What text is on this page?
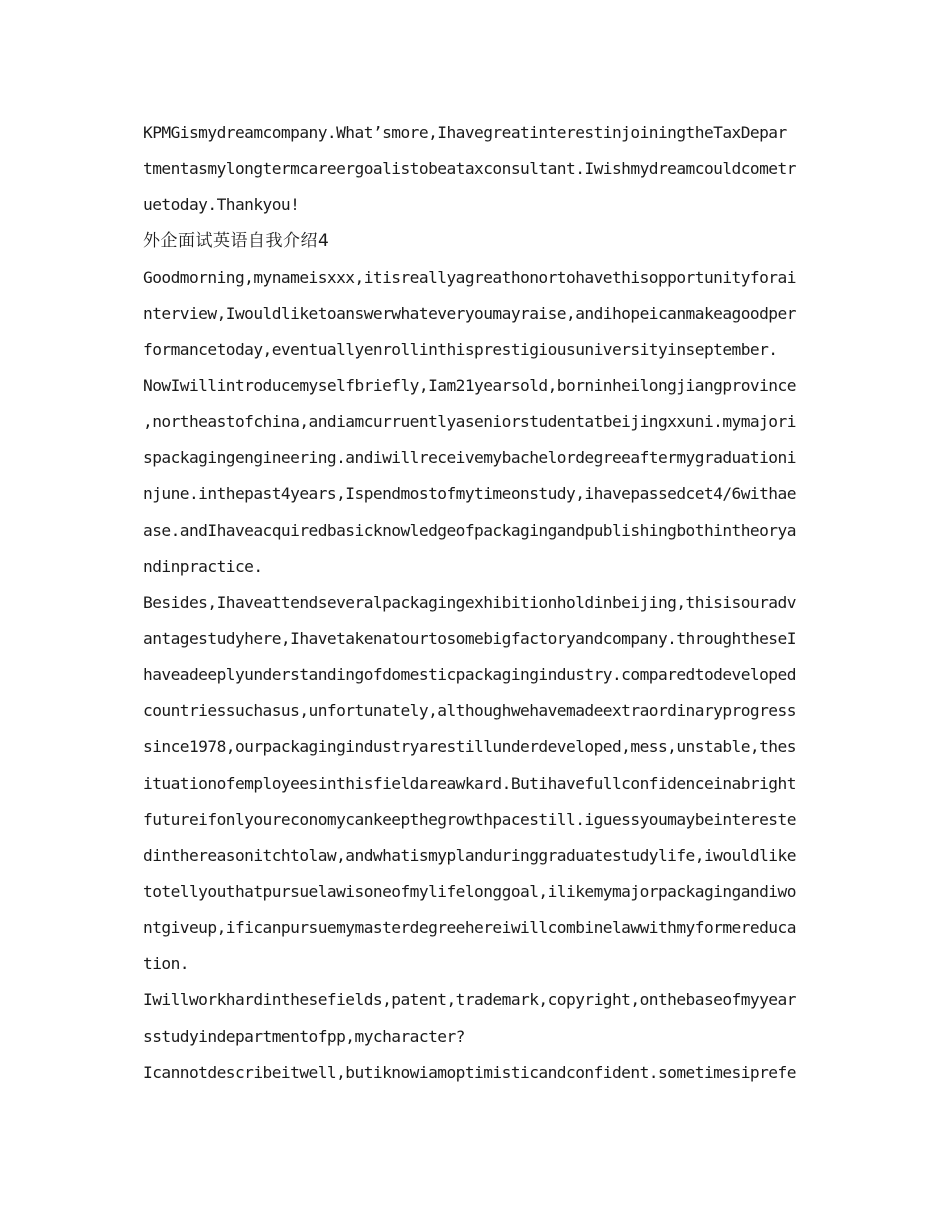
KPMGismydreamcompany.What’smore,IhavegreatinterestinjoiningtheTaxDepar
tmentasmylongtermcareergoalistobeataxconsultant.Iwishmydreamcouldcometr
uetoday.Thankyou!
外企面试英语自我介绍4
Goodmorning,mynameisxxx,itisreallyagreathonortohavethisopportunityforai
nterview,Iwouldliketoanswerwhateveryoumayraise,andihopeicanmakeagoodper
formancetoday,eventuallyenrollinthisprestigiousuniversityinseptember.
NowIwillintroducemyselfbriefly,Iam21yearsold,borninheilongjiangprovince
,northeastofchina,andiamcurruentlyaseniorstudentatbeijingxxuni.mymajori
spackagingengineering.andiwillreceivemybachelordegreeaftermygraduationi
njune.inthepast4years,Ispendmostofmytimeonstudy,ihavepassedcet4/6withae
ase.andIhaveacquiredbasicknowledgeofpackagingandpublishingbothintheorya
ndinpractice.
Besides,Ihaveattendseveralpackagingexhibitionholdinbeijing,thisisouradv
antagestudyhere,Ihavetakenatourtosomebigfactoryandcompany.throughtheseI
haveadeeplyunderstandingofdomesticpackagingindustry.comparedtodeveloped
countriessuchasus,unfortunately,althoughwehavemadeextraordinaryprogress
since1978,ourpackagingindustryarestillunderdeveloped,mess,unstable,thes
ituationofemployeesinthisfieldareawkard.Butihavefullconfidenceinabright
futureifonlyoureconomycankeepthegrowthpacestill.iguessyoumaybeintereste
dinthereasonitchtolaw,andwhatismyplanduringgraduatestudylife,iwouldlike
totellyouthatpursuelawisoneofmylifelonggoal,ilikemymajorpackagingandiwo
ntgiveup,ificanpursuemymasterdegreehereiwillcombinelawwithmyformereduca
tion.
Iwillworkhardinthesefields,patent,trademark,copyright,onthebaseofmyyear
sstudyindepartmentofpp,mycharacter?
Icannotdescribeitwell,butiknowiamoptimisticandconfident.sometimesiprefe
